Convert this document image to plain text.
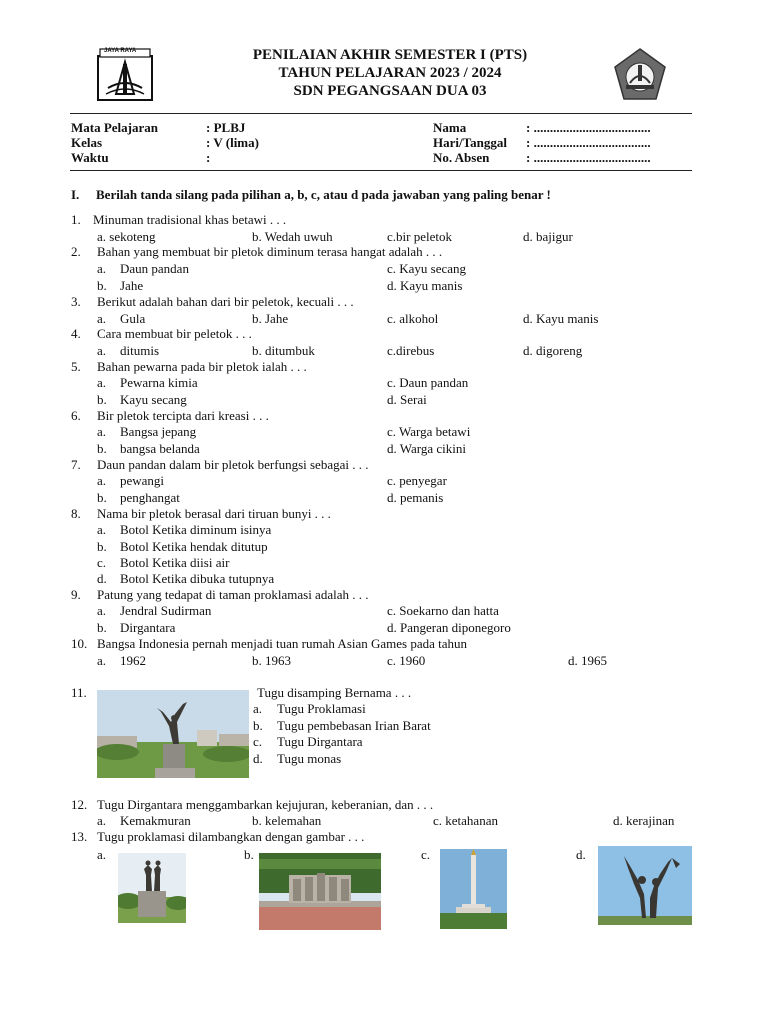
JAYA RAYA	PENILAIAN AKHIR SEMESTER I (PTS)
TAHUN PELAJARAN 2023 / 2024
SDN PEGANGSAAN DUA 03
Mata Pelajaran	: PLBJ
Kelas	: V (lima)
Waktu	:
Nama	: ....................................
Hari/Tanggal : ....................................
No. Absen	: ....................................
I. Berilah tanda silang pada pilihan a, b, c, atau d pada jawaban yang paling benar !
1. Minuman tradisional khas betawi . . .
a. sekoteng	b. Wedah uwuh	c.bir peletok	d. bajigur
2. Bahan yang membuat bir pletok diminum terasa hangat adalah . . .
a. Daun pandan	c. Kayu secang
b. Jahe	d. Kayu manis
3. Berikut adalah bahan dari bir peletok, kecuali . . .
a. Gula	b. Jahe	c. alkohol	d. Kayu manis
4. Cara membuat bir peletok . . .
a. ditumis	b. ditumbuk	c.direbus	d. digoreng
5. Bahan pewarna pada bir pletok ialah . . .
a. Pewarna kimia	c. Daun pandan
b. Kayu secang	d. Serai
6. Bir pletok tercipta dari kreasi . . .
a. Bangsa jepang	c. Warga betawi
b. bangsa belanda	d. Warga cikini
7. Daun pandan dalam bir pletok berfungsi sebagai . . .
a. pewangi	c. penyegar
b. penghangat	d. pemanis
8. Nama bir pletok berasal dari tiruan bunyi . . .
a. Botol Ketika diminum isinya
b. Botol Ketika hendak ditutup
c. Botol Ketika diisi air
d. Botol Ketika dibuka tutupnya
9. Patung yang tedapat di taman proklamasi adalah . . .
a. Jendral Sudirman	c. Soekarno dan hatta
b. Dirgantara	d. Pangeran diponegoro
10. Bangsa Indonesia pernah menjadi tuan rumah Asian Games pada tahun
a. 1962	b. 1963	c. 1960	d. 1965
11.	Tugu disamping Bernama . . .
a. Tugu Proklamasi
b. Tugu pembebasan Irian Barat
c. Tugu Dirgantara
d. Tugu monas
12. Tugu Dirgantara menggambarkan kejujuran, keberanian, dan . . .
a. Kemakmuran	b. kelemahan	c. ketahanan	d. kerajinan
13. Tugu proklamasi dilambangkan dengan gambar . . .
a.	b.	c.	d.
